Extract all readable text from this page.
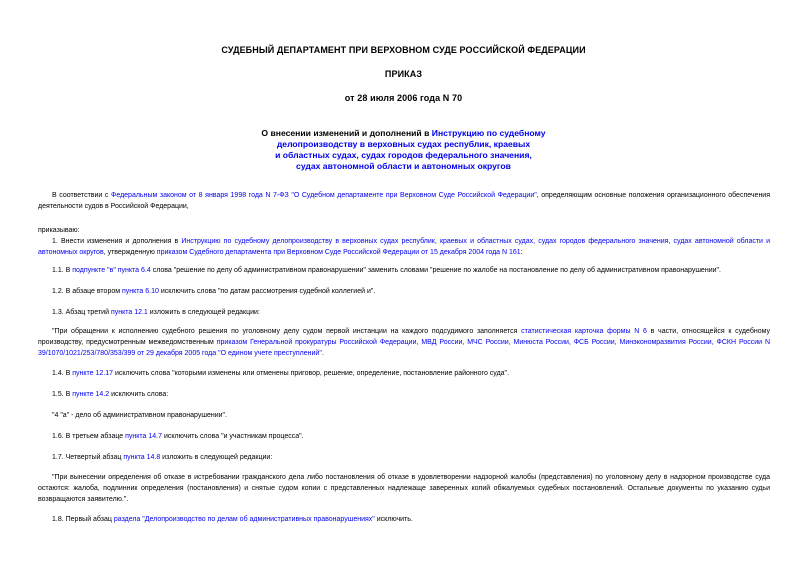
СУДЕБНЫЙ ДЕПАРТАМЕНТ ПРИ ВЕРХОВНОМ СУДЕ РОССИЙСКОЙ ФЕДЕРАЦИИ
ПРИКАЗ
от 28 июля 2006 года N 70
О внесении изменений и дополнений в Инструкцию по судебному
делопроизводству в верховных судах республик, краевых
и областных судах, судах городов федерального значения,
судах автономной области и автономных округов
В соответствии с Федеральным законом от 8 января 1998 года N 7-ФЗ "О Судебном департаменте при Верховном Суде Российской Федерации", определяющим основные положения организационного обеспечения деятельности судов в Российской Федерации,
приказываю:
1. Внести изменения и дополнения в Инструкцию по судебному делопроизводству в верховных судах республик, краевых и областных судах, судах городов федерального значения, судах автономной области и автономных округов, утвержденную приказом Судебного департамента при Верховном Суде Российской Федерации от 15 декабря 2004 года N 161:
1.1. В подпункте "в" пункта 6.4 слова "решение по делу об административном правонарушении" заменить словами "решение по жалобе на постановление по делу об административном правонарушении".
1.2. В абзаце втором пункта 6.10 исключить слова "по датам рассмотрения судебной коллегией и".
1.3. Абзац третий пункта 12.1 изложить в следующей редакции:
"При обращении к исполнению судебного решения по уголовному делу судом первой инстанции на каждого подсудимого заполняется статистическая карточка формы N 6 в части, относящейся к судебному производству, предусмотренным межведомственным приказом Генеральной прокуратуры Российской Федерации, МВД России, МЧС России, Минюста России, ФСБ России, Минэкономразвития России, ФСКН России N 39/1070/1021/253/780/353/399 от 29 декабря 2005 года "О едином учете преступлений".
1.4. В пункте 12.17 исключить слова "которыми изменены или отменены приговор, решение, определение, постановление районного суда".
1.5. В пункте 14.2 исключить слова:
"4 "а" - дело об административном правонарушении".
1.6. В третьем абзаце пункта 14.7 исключить слова "и участникам процесса".
1.7. Четвертый абзац пункта 14.8 изложить в следующей редакции:
"При вынесении определения об отказе в истребовании гражданского дела либо постановления об отказе в удовлетворении надзорной жалобы (представления) по уголовному делу в надзорном производстве суда остаются: жалоба, подлинник определения (постановления) и снятые судом копии с представленных надлежаще заверенных копий обжалуемых судебных постановлений. Остальные документы по указанию судьи возвращаются заявителю.".
1.8. Первый абзац раздела "Делопроизводство по делам об административных правонарушениях" исключить.
